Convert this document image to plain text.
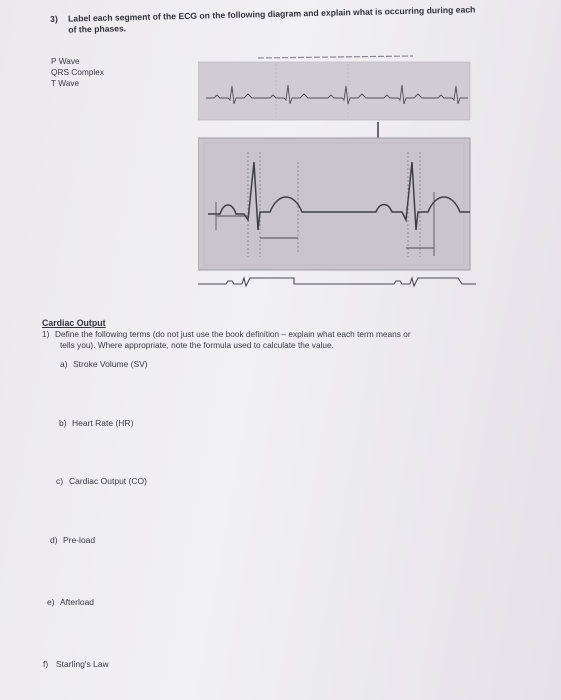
3) Label each segment of the ECG on the following diagram and explain what is occurring during each
of the phases.
P Wave
QRS Complex
T Wave
Cardiac Output
1) Define the following terms (do not just use the book definition – explain what each term means or
tells you). Where appropriate, note the formula used to calculate the value.
a) Stroke Volume (SV)
b) Heart Rate (HR)
c) Cardiac Output (CO)
d) Pre-load
e) Afterload
f) Starling's Law
